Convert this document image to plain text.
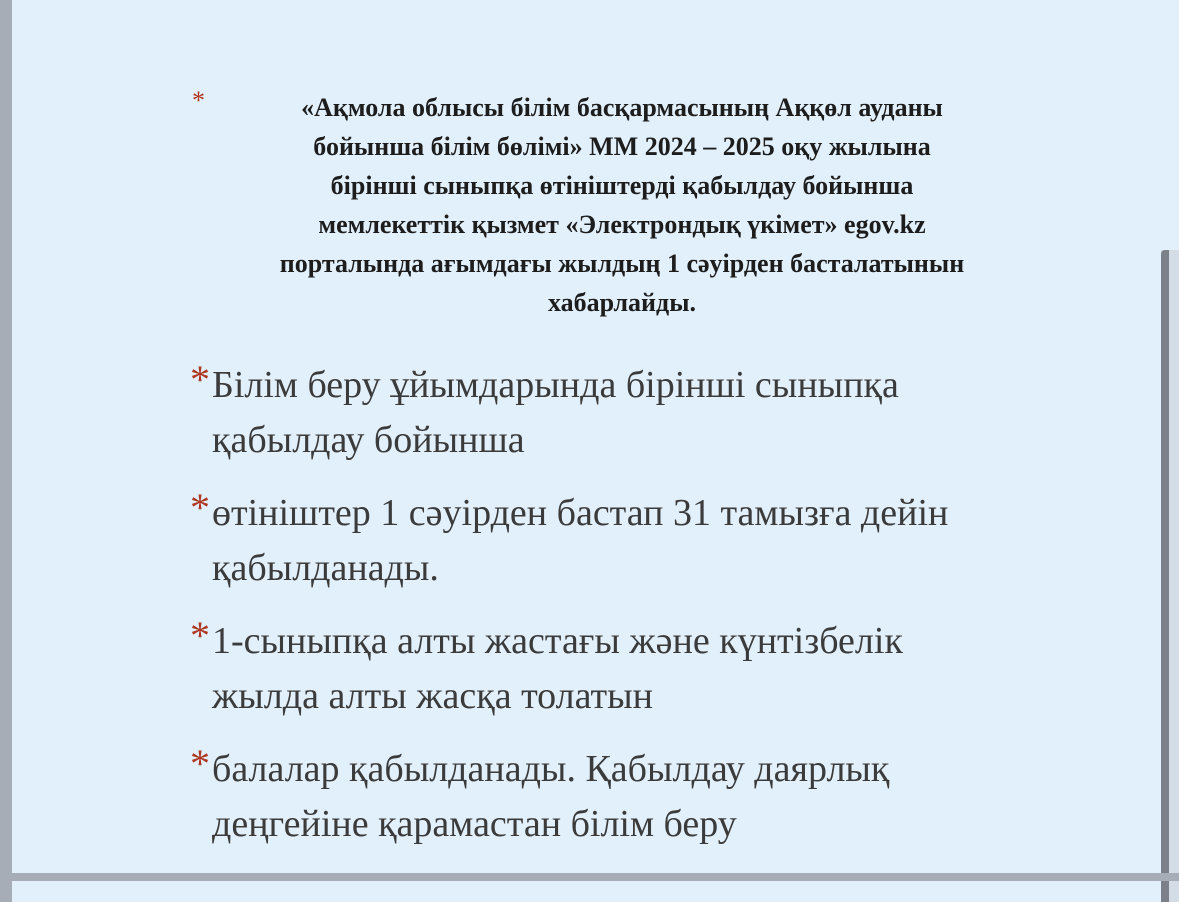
*	«Ақмола облысы білім басқармасының Аққөл ауданы
бойынша білім бөлімі» ММ 2024 – 2025 оқу жылына
бірінші сыныпқа өтініштерді қабылдау бойынша
мемлекеттік қызмет «Электрондық үкімет» egov.kz
порталында ағымдағы жылдың 1 сәуірден басталатынын
хабарлайды.

* Білім беру ұйымдарында бірінші сыныпқа
қабылдау бойынша
* өтініштер 1 сәуірден бастап 31 тамызға дейін
қабылданады.
* 1-сыныпқа алты жастағы және күнтізбелік
жылда алты жасқа толатын
* балалар қабылданады. Қабылдау даярлық
деңгейіне қарамастан білім беру
